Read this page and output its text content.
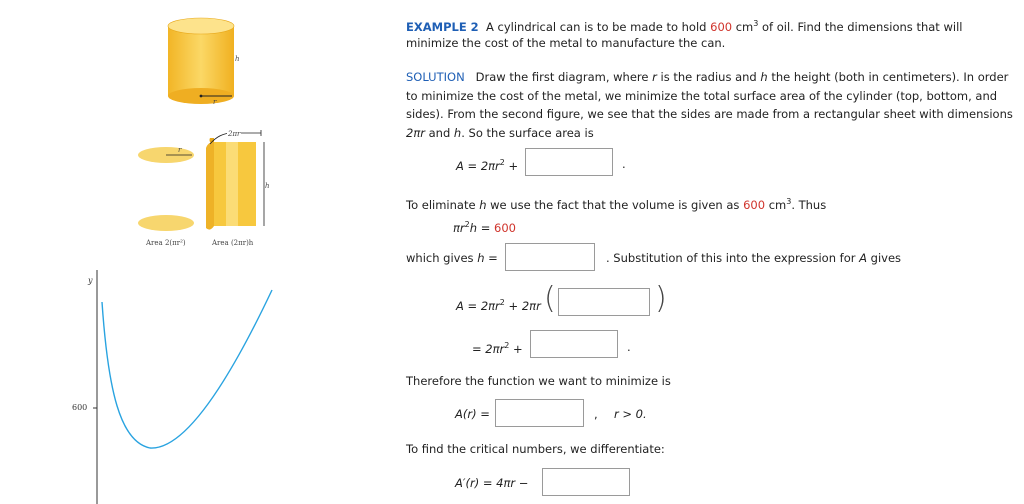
h
r
r
2πr
h
Area 2(πr²)	Area (2πr)h
y
600
EXAMPLE 2 A cylindrical can is to be made to hold 600 $cm^3$ of oil. Find the dimensions that will
minimize the cost of the metal to manufacture the can.
SOLUTION Draw the first diagram, where r is the radius and h the height (both in centimeters). In order to minimize the cost of the metal, we minimize the total surface area of the cylinder (top, bottom, and sides). From the second figure, we see that the sides are made from a rectangular sheet with dimensions 2πr and h. So the surface area is
$A = 2\pi r^2$ +	.
To eliminate h we use the fact that the volume is given as 600 $cm^3$. Thus
$\pi r^2h = 600$
which gives h =	. Substitution of this into the expression for A gives
$A = 2\pi r^2 + 2\pi r$ (	)
= $2\pi r^2$ +	.
Therefore the function we want to minimize is
A(r) =	, r > 0.
To find the critical numbers, we differentiate:
A′(r) = 4πr −
